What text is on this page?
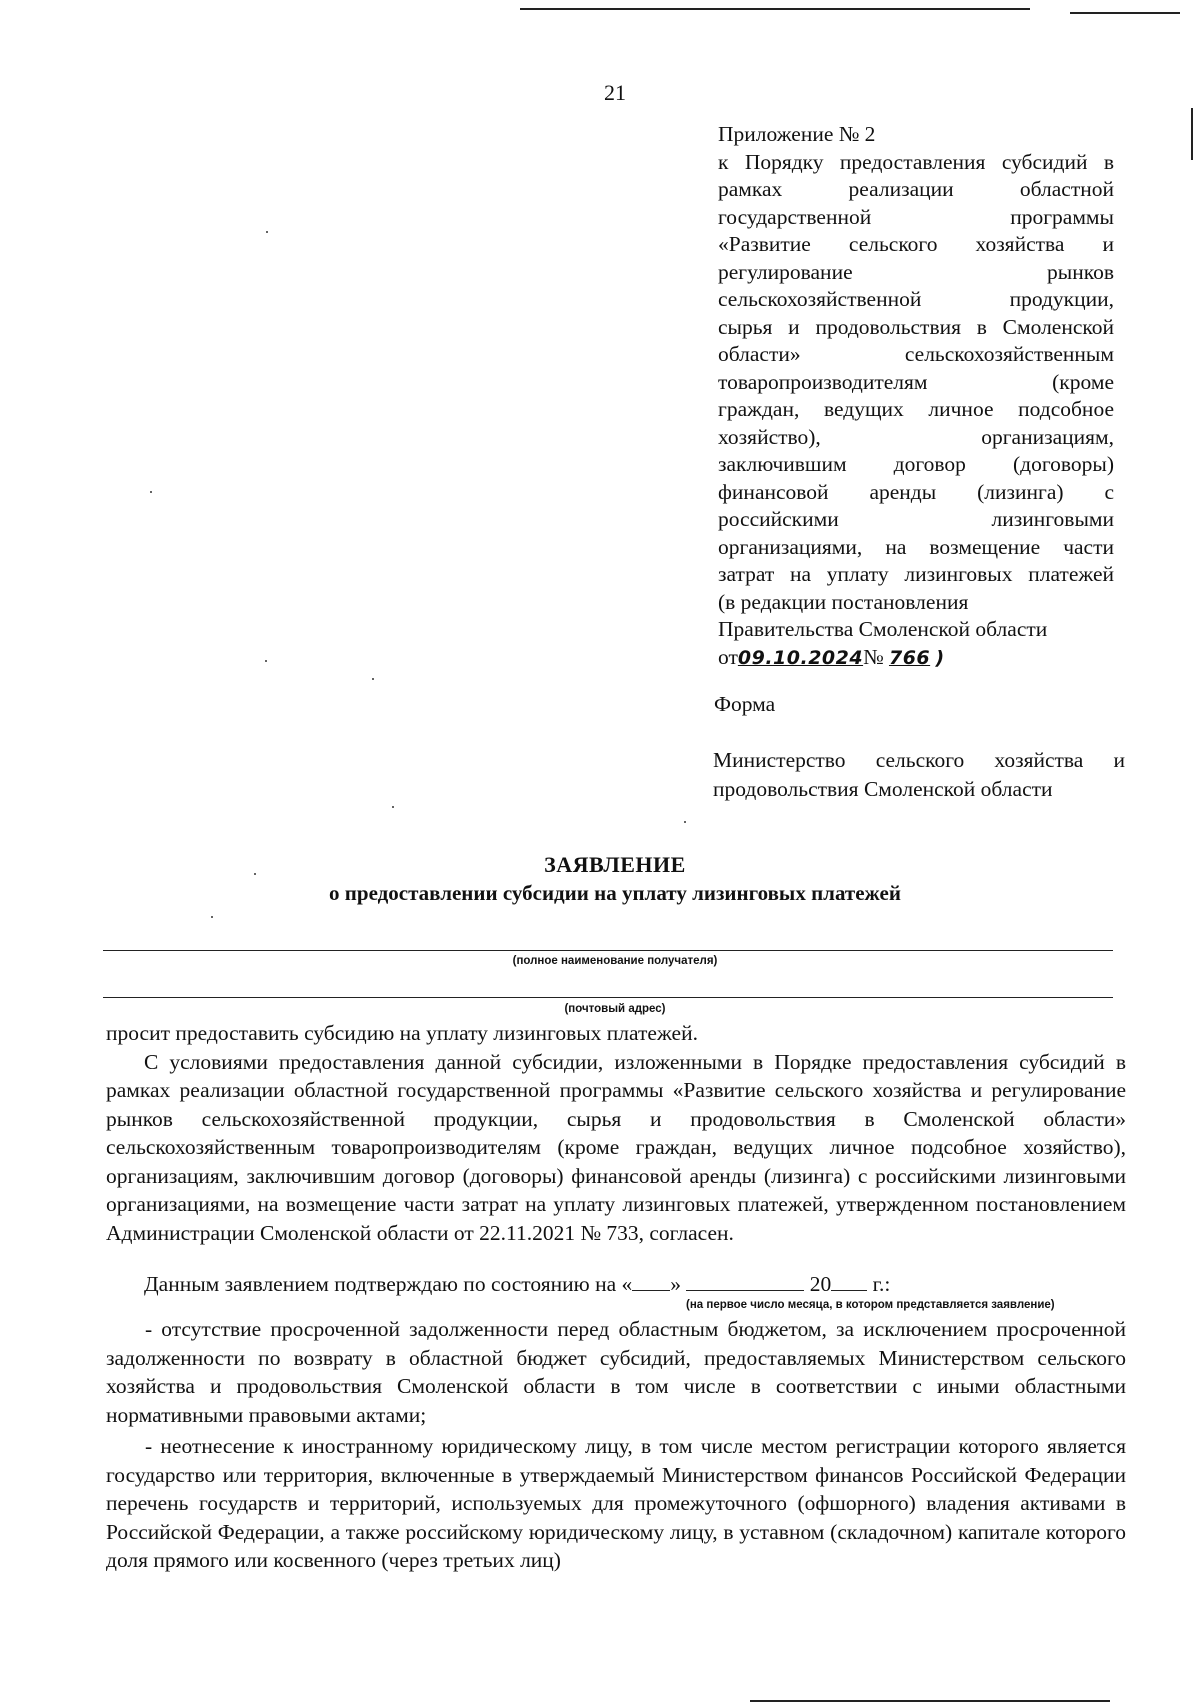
21
Приложение № 2
к Порядку предоставления субсидий в
рамках реализации областной
государственной программы
«Развитие сельского хозяйства и
регулирование рынков
сельскохозяйственной продукции,
сырья и продовольствия в Смоленской
области» сельскохозяйственным
товаропроизводителям (кроме
граждан, ведущих личное подсобное
хозяйство), организациям,
заключившим договор (договоры)
финансовой аренды (лизинга) с
российскими лизинговыми
организациями, на возмещение части
затрат на уплату лизинговых платежей
(в редакции постановления
Правительства Смоленской области
от09.10.2024№ 766 )
Форма
Министерство сельского хозяйства и
продовольствия Смоленской области
ЗАЯВЛЕНИЕ
о предоставлении субсидии на уплату лизинговых платежей
(полное наименование получателя)
(почтовый адрес)

просит предоставить субсидию на уплату лизинговых платежей.

С условиями предоставления данной субсидии, изложенными в Порядке предоставления субсидий в рамках реализации областной государственной программы «Развитие сельского хозяйства и регулирование рынков сельскохозяйственной продукции, сырья и продовольствия в Смоленской области» сельскохозяйственным товаропроизводителям (кроме граждан, ведущих личное подсобное хозяйство), организациям, заключившим договор (договоры) финансовой аренды (лизинга) с российскими лизинговыми организациями, на возмещение части затрат на уплату лизинговых платежей, утвержденном постановлением Администрации Смоленской области от 22.11.2021 № 733, согласен.

Данным заявлением подтверждаю по состоянию на « »	20 г.:
(на первое число месяца, в котором представляется заявление)

- отсутствие просроченной задолженности перед областным бюджетом, за исключением просроченной задолженности по возврату в областной бюджет субсидий, предоставляемых Министерством сельского хозяйства и продовольствия Смоленской области в том числе в соответствии с иными областными нормативными правовыми актами;

- неотнесение к иностранному юридическому лицу, в том числе местом регистрации которого является государство или территория, включенные в утверждаемый Министерством финансов Российской Федерации перечень государств и территорий, используемых для промежуточного (офшорного) владения активами в Российской Федерации, а также российскому юридическому лицу, в уставном (складочном) капитале которого доля прямого или косвенного (через третьих лиц)
